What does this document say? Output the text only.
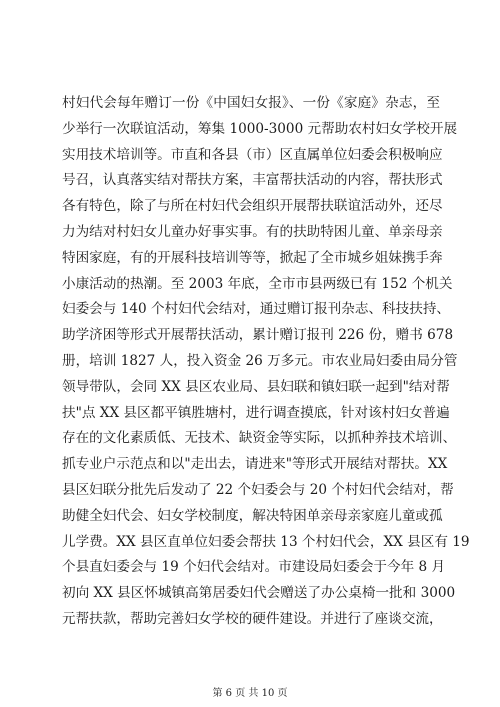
村妇代会每年赠订一份《中国妇女报》、一份《家庭》杂志，至
少举行一次联谊活动，筹集 1000-3000 元帮助农村妇女学校开展
实用技术培训等。市直和各县（市）区直属单位妇委会积极响应
号召，认真落实结对帮扶方案，丰富帮扶活动的内容，帮扶形式
各有特色，除了与所在村妇代会组织开展帮扶联谊活动外，还尽
力为结对村妇女儿童办好事实事。有的扶助特困儿童、单亲母亲
特困家庭，有的开展科技培训等等，掀起了全市城乡姐妹携手奔
小康活动的热潮。至 2003 年底，全市市县两级已有 152 个机关
妇委会与 140 个村妇代会结对，通过赠订报刊杂志、科技扶持、
助学济困等形式开展帮扶活动，累计赠订报刊 226 份，赠书 678
册，培训 1827 人，投入资金 26 万多元。市农业局妇委由局分管
领导带队，会同 XX 县区农业局、县妇联和镇妇联一起到"结对帮
扶"点 XX 县区都平镇胜塘村，进行调查摸底，针对该村妇女普遍
存在的文化素质低、无技术、缺资金等实际，以抓种养技术培训、
抓专业户示范点和以"走出去，请进来"等形式开展结对帮扶。XX
县区妇联分批先后发动了 22 个妇委会与 20 个村妇代会结对，帮
助健全妇代会、妇女学校制度，解决特困单亲母亲家庭儿童或孤
儿学费。XX 县区直单位妇委会帮扶 13 个村妇代会，XX 县区有 19
个县直妇委会与 19 个妇代会结对。市建设局妇委会于今年 8 月
初向 XX 县区怀城镇高第居委妇代会赠送了办公桌椅一批和 3000
元帮扶款，帮助完善妇女学校的硬件建设。并进行了座谈交流，
第 6 页 共 10 页
